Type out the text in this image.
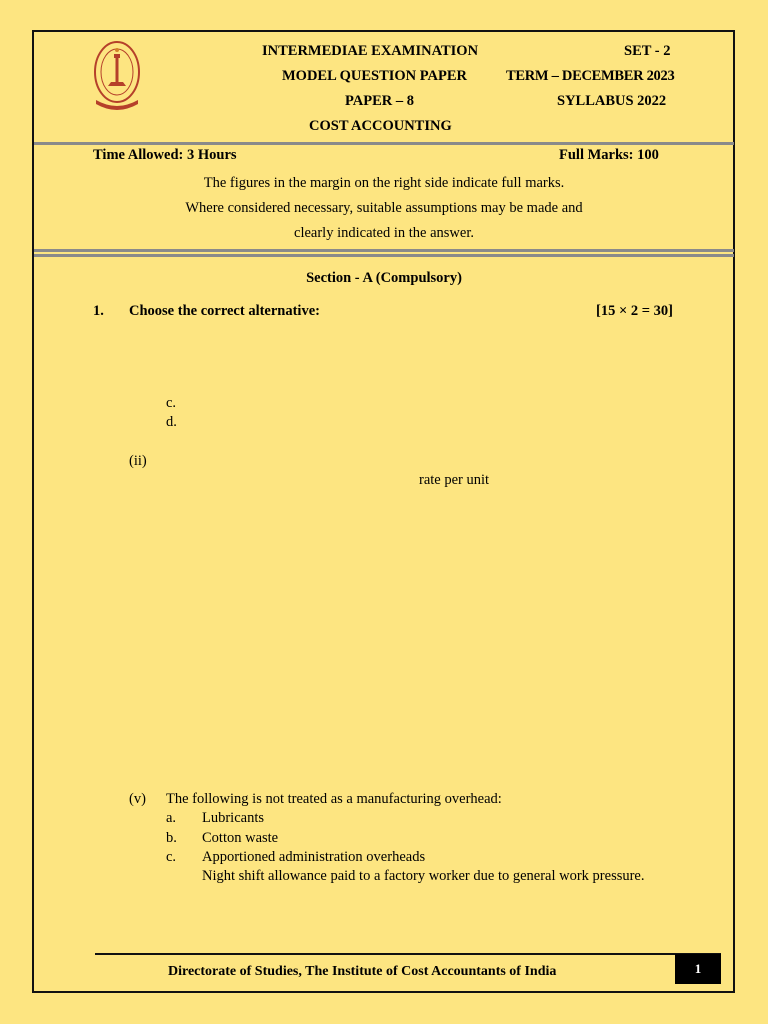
INTERMEDIAE EXAMINATION	SET - 2
MODEL QUESTION PAPER	TERM – DECEMBER 2023
PAPER – 8	SYLLABUS 2022
COST ACCOUNTING
Time Allowed: 3 Hours	Full Marks: 100
The figures in the margin on the right side indicate full marks.
Where considered necessary, suitable assumptions may be made and
clearly indicated in the answer.
Section - A (Compulsory)
1. Choose the correct alternative:	[15 × 2 = 30]
c.
d.
(ii)
rate per unit
(v) The following is not treated as a manufacturing overhead:
a. Lubricants
b. Cotton waste
c. Apportioned administration overheads
Night shift allowance paid to a factory worker due to general work pressure.
Directorate of Studies, The Institute of Cost Accountants of India	1
